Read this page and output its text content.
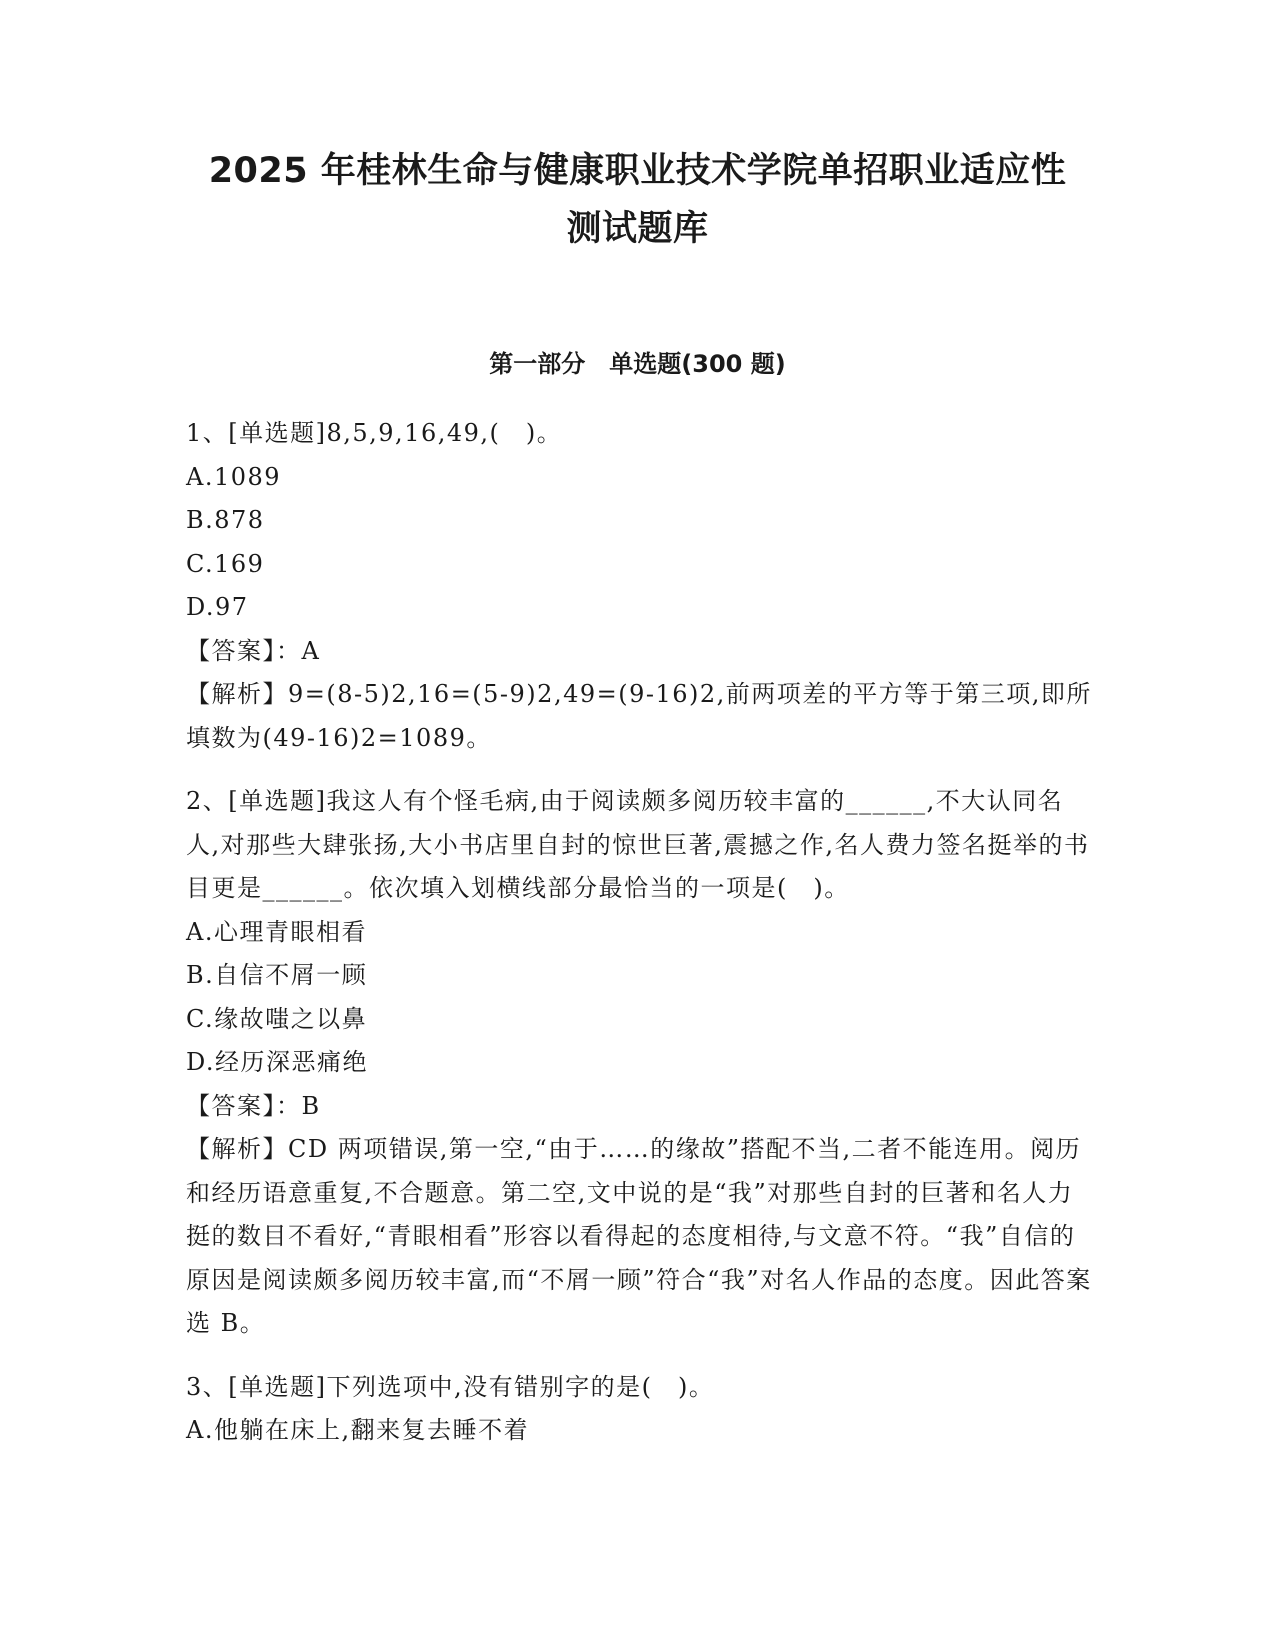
2025 年桂林生命与健康职业技术学院单招职业适应性
测试题库
第一部分　单选题(300 题)
1、[单选题]8,5,9,16,49,(　)。
A.1089
B.878
C.169
D.97
【答案】：A
【解析】9=(8-5)2,16=(5-9)2,49=(9-16)2,前两项差的平方等于第三项,即所填数为(49-16)2=1089。
2、[单选题]我这人有个怪毛病,由于阅读颇多阅历较丰富的______,不大认同名人,对那些大肆张扬,大小书店里自封的惊世巨著,震撼之作,名人费力签名挺举的书目更是______。依次填入划横线部分最恰当的一项是(　)。
A.心理青眼相看
B.自信不屑一顾
C.缘故嗤之以鼻
D.经历深恶痛绝
【答案】：B
【解析】CD 两项错误,第一空,“由于……的缘故”搭配不当,二者不能连用。阅历和经历语意重复,不合题意。第二空,文中说的是“我”对那些自封的巨著和名人力挺的数目不看好,“青眼相看”形容以看得起的态度相待,与文意不符。“我”自信的原因是阅读颇多阅历较丰富,而“不屑一顾”符合“我”对名人作品的态度。因此答案选 B。
3、[单选题]下列选项中,没有错别字的是(　)。
A.他躺在床上,翻来复去睡不着
